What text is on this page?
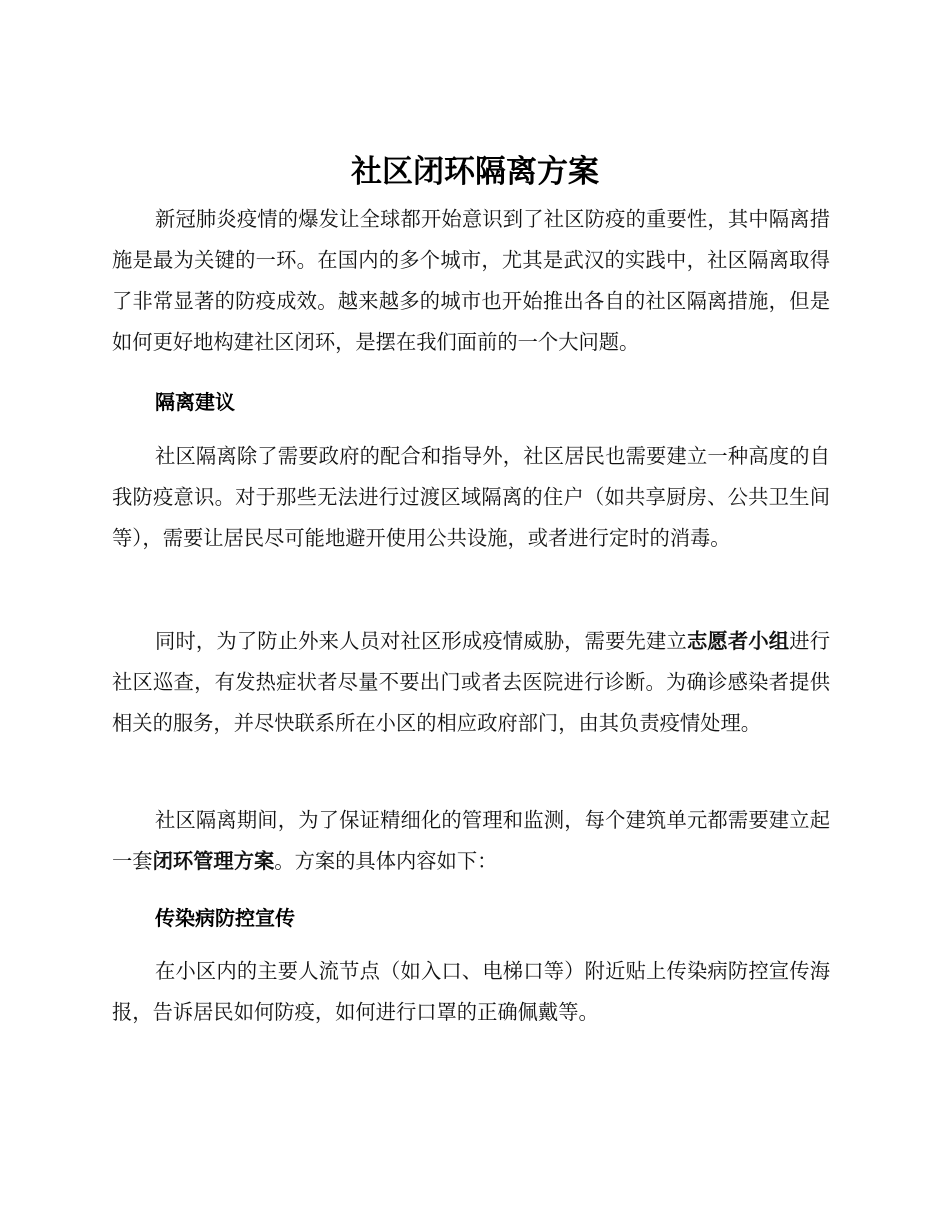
社区闭环隔离方案

新冠肺炎疫情的爆发让全球都开始意识到了社区防疫的重要性，其中隔离措施是最为关键的一环。在国内的多个城市，尤其是武汉的实践中，社区隔离取得了非常显著的防疫成效。越来越多的城市也开始推出各自的社区隔离措施，但是如何更好地构建社区闭环，是摆在我们面前的一个大问题。

隔离建议

社区隔离除了需要政府的配合和指导外，社区居民也需要建立一种高度的自我防疫意识。对于那些无法进行过渡区域隔离的住户（如共享厨房、公共卫生间等），需要让居民尽可能地避开使用公共设施，或者进行定时的消毒。

同时，为了防止外来人员对社区形成疫情威胁，需要先建立志愿者小组进行社区巡查，有发热症状者尽量不要出门或者去医院进行诊断。为确诊感染者提供相关的服务，并尽快联系所在小区的相应政府部门，由其负责疫情处理。

社区隔离期间，为了保证精细化的管理和监测，每个建筑单元都需要建立起一套闭环管理方案。方案的具体内容如下：

传染病防控宣传

在小区内的主要人流节点（如入口、电梯口等）附近贴上传染病防控宣传海报，告诉居民如何防疫，如何进行口罩的正确佩戴等。
